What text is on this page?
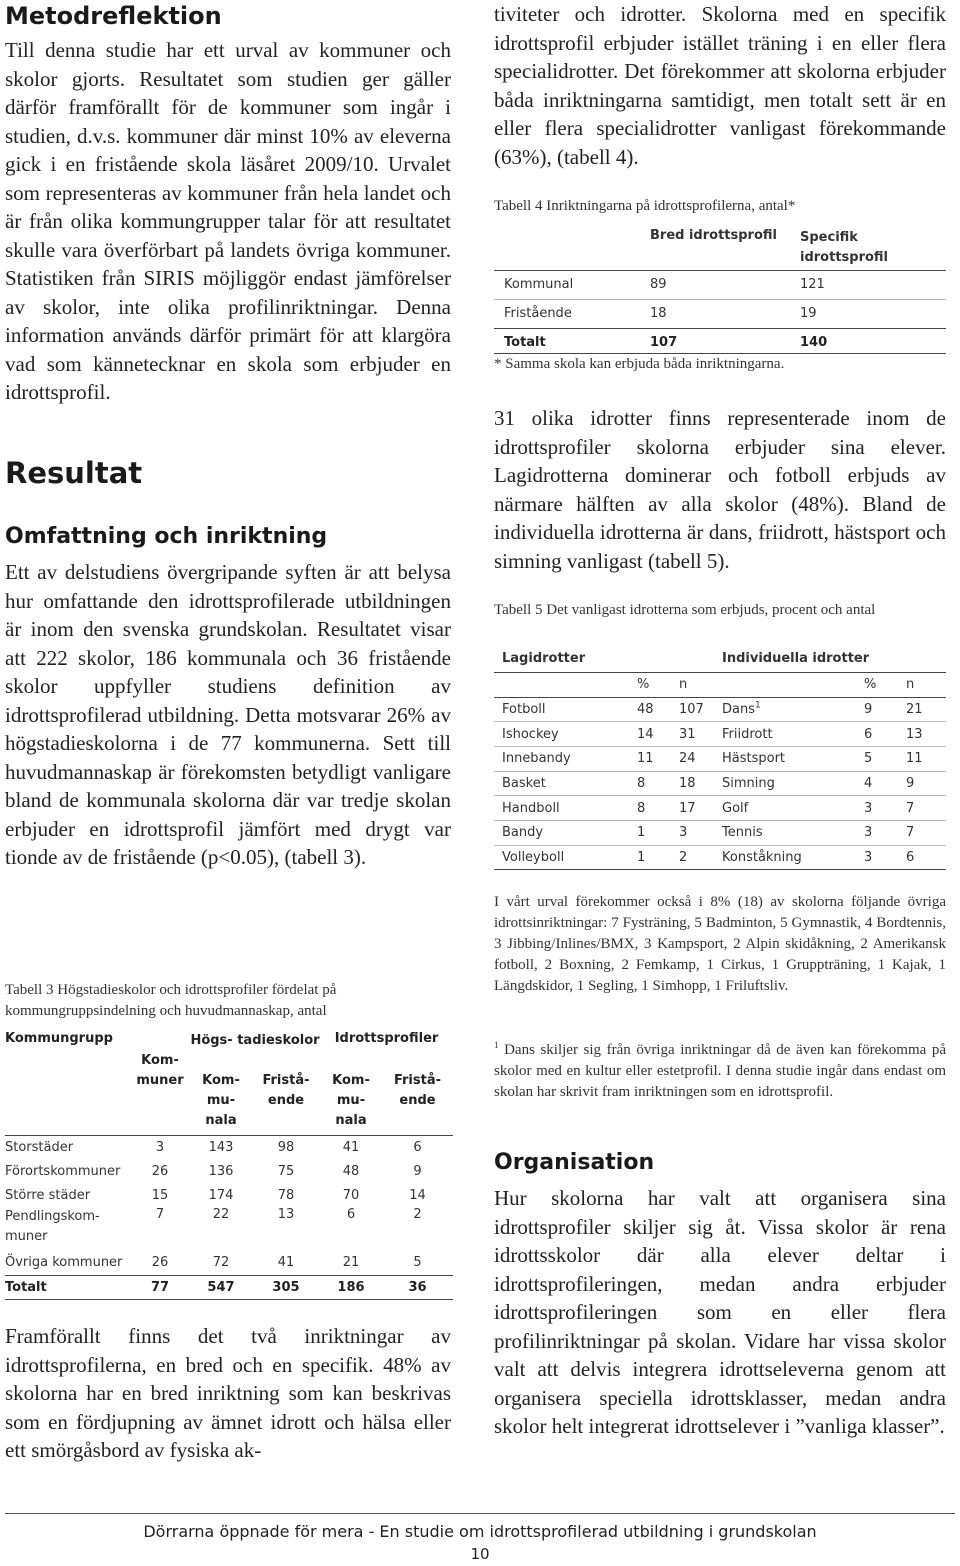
Metodreflektion

Till denna studie har ett urval av kommuner och skolor gjorts. Resultatet som studien ger gäller därför framförallt för de kommuner som ingår i studien, d.v.s. kommuner där minst 10% av eleverna gick i en fristående skola läsåret 2009/10. Urvalet som representeras av kommuner från hela landet och är från olika kommungrupper talar för att resultatet skulle vara överförbart på landets övriga kommuner. Statistiken från SIRIS möjliggör endast jämförelser av skolor, inte olika profilinriktningar. Denna information används därför primärt för att klargöra vad som kännetecknar en skola som erbjuder en idrottsprofil.

Resultat
Omfattning och inriktning

Ett av delstudiens övergripande syften är att belysa hur omfattande den idrottsprofilerade utbildningen är inom den svenska grundskolan. Resultatet visar att 222 skolor, 186 kommunala och 36 fristående skolor uppfyller studiens definition av idrottsprofilerad utbildning. Detta motsvarar 26% av högstadieskolorna i de 77 kommunerna. Sett till huvudmannaskap är förekomsten betydligt vanligare bland de kommunala skolorna där var tredje skolan erbjuder en idrottsprofil jämfört med drygt var tionde av de fristående (p<0.05), (tabell 3).

Tabell 3 Högstadieskolor och idrottsprofiler fördelat på kommungruppsindelning och huvudmannaskap, antal

Kommungrupp		Högs- tadieskolor		Idrottsprofiler	
	Kom- muner	Kom- mu- nala	Fristå- ende	Kom- mu- nala	Fristå- ende
Storstäder	3	143	98	41	6
Förortskommuner	26	136	75	48	9
Större städer	15	174	78	70	14

Pendlingskom- muner	7	22	13	6	2
Övriga kommuner	26	72	41	21	5
Totalt	77	547	305	186	36

Framförallt finns det två inriktningar av idrottsprofilerna, en bred och en specifik. 48% av skolorna har en bred inriktning som kan beskrivas som en fördjupning av ämnet idrott och hälsa eller ett smörgåsbord av fysiska ak-

tiviteter och idrotter. Skolorna med en specifik idrottsprofil erbjuder istället träning i en eller flera specialidrotter. Det förekommer att skolorna erbjuder båda inriktningarna samtidigt, men totalt sett är en eller flera specialidrotter vanligast förekommande (63%), (tabell 4).

Tabell 4 Inriktningarna på idrottsprofilerna, antal*

	Bred idrottsprofil	Specifik idrottsprofil
Kommunal	89	121
Fristående	18	19
Totalt	107	140

* Samma skola kan erbjuda båda inriktningarna.

31 olika idrotter finns representerade inom de idrottsprofiler skolorna erbjuder sina elever. Lagidrotterna dominerar och fotboll erbjuds av närmare hälften av alla skolor (48%). Bland de individuella idrotterna är dans, friidrott, hästsport och simning vanligast (tabell 5).

Tabell 5 Det vanligast idrotterna som erbjuds, procent och antal

Lagidrotter			Individuella idrotter		
	%	n		%	n
Fotboll	48	107	Dans$^1$	9	21
Ishockey	14	31	Friidrott	6	13
Innebandy	11	24	Hästsport	5	11
Basket	8	18	Simning	4	9
Handboll	8	17	Golf	3	7
Bandy	1	3	Tennis	3	7
Volleyboll	1	2	Konståkning	3	6

I vårt urval förekommer också i 8% (18) av skolorna följande övriga idrottsinriktningar: 7 Fysträning, 5 Badminton, 5 Gymnastik, 4 Bordtennis, 3 Jibbing/Inlines/BMX, 3 Kampsport, 2 Alpin skidåkning, 2 Amerikansk fotboll, 2 Boxning, 2 Femkamp, 1 Cirkus, 1 Gruppträning, 1 Kajak, 1 Längdskidor, 1 Segling, 1 Simhopp, 1 Friluftsliv.

$^1$ Dans skiljer sig från övriga inriktningar då de även kan förekomma på skolor med en kultur eller estetprofil. I denna studie ingår dans endast om skolan har skrivit fram inriktningen som en idrottsprofil.

Organisation

Hur skolorna har valt att organisera sina idrottsprofiler skiljer sig åt. Vissa skolor är rena idrottsskolor där alla elever deltar i idrottsprofileringen, medan andra erbjuder idrottsprofileringen som en eller flera profilinriktningar på skolan. Vidare har vissa skolor valt att delvis integrera idrottseleverna genom att organisera speciella idrottsklasser, medan andra skolor helt integrerat idrottselever i ”vanliga klasser”.

Dörrarna öppnade för mera - En studie om idrottsprofilerad utbildning i grundskolan
10
